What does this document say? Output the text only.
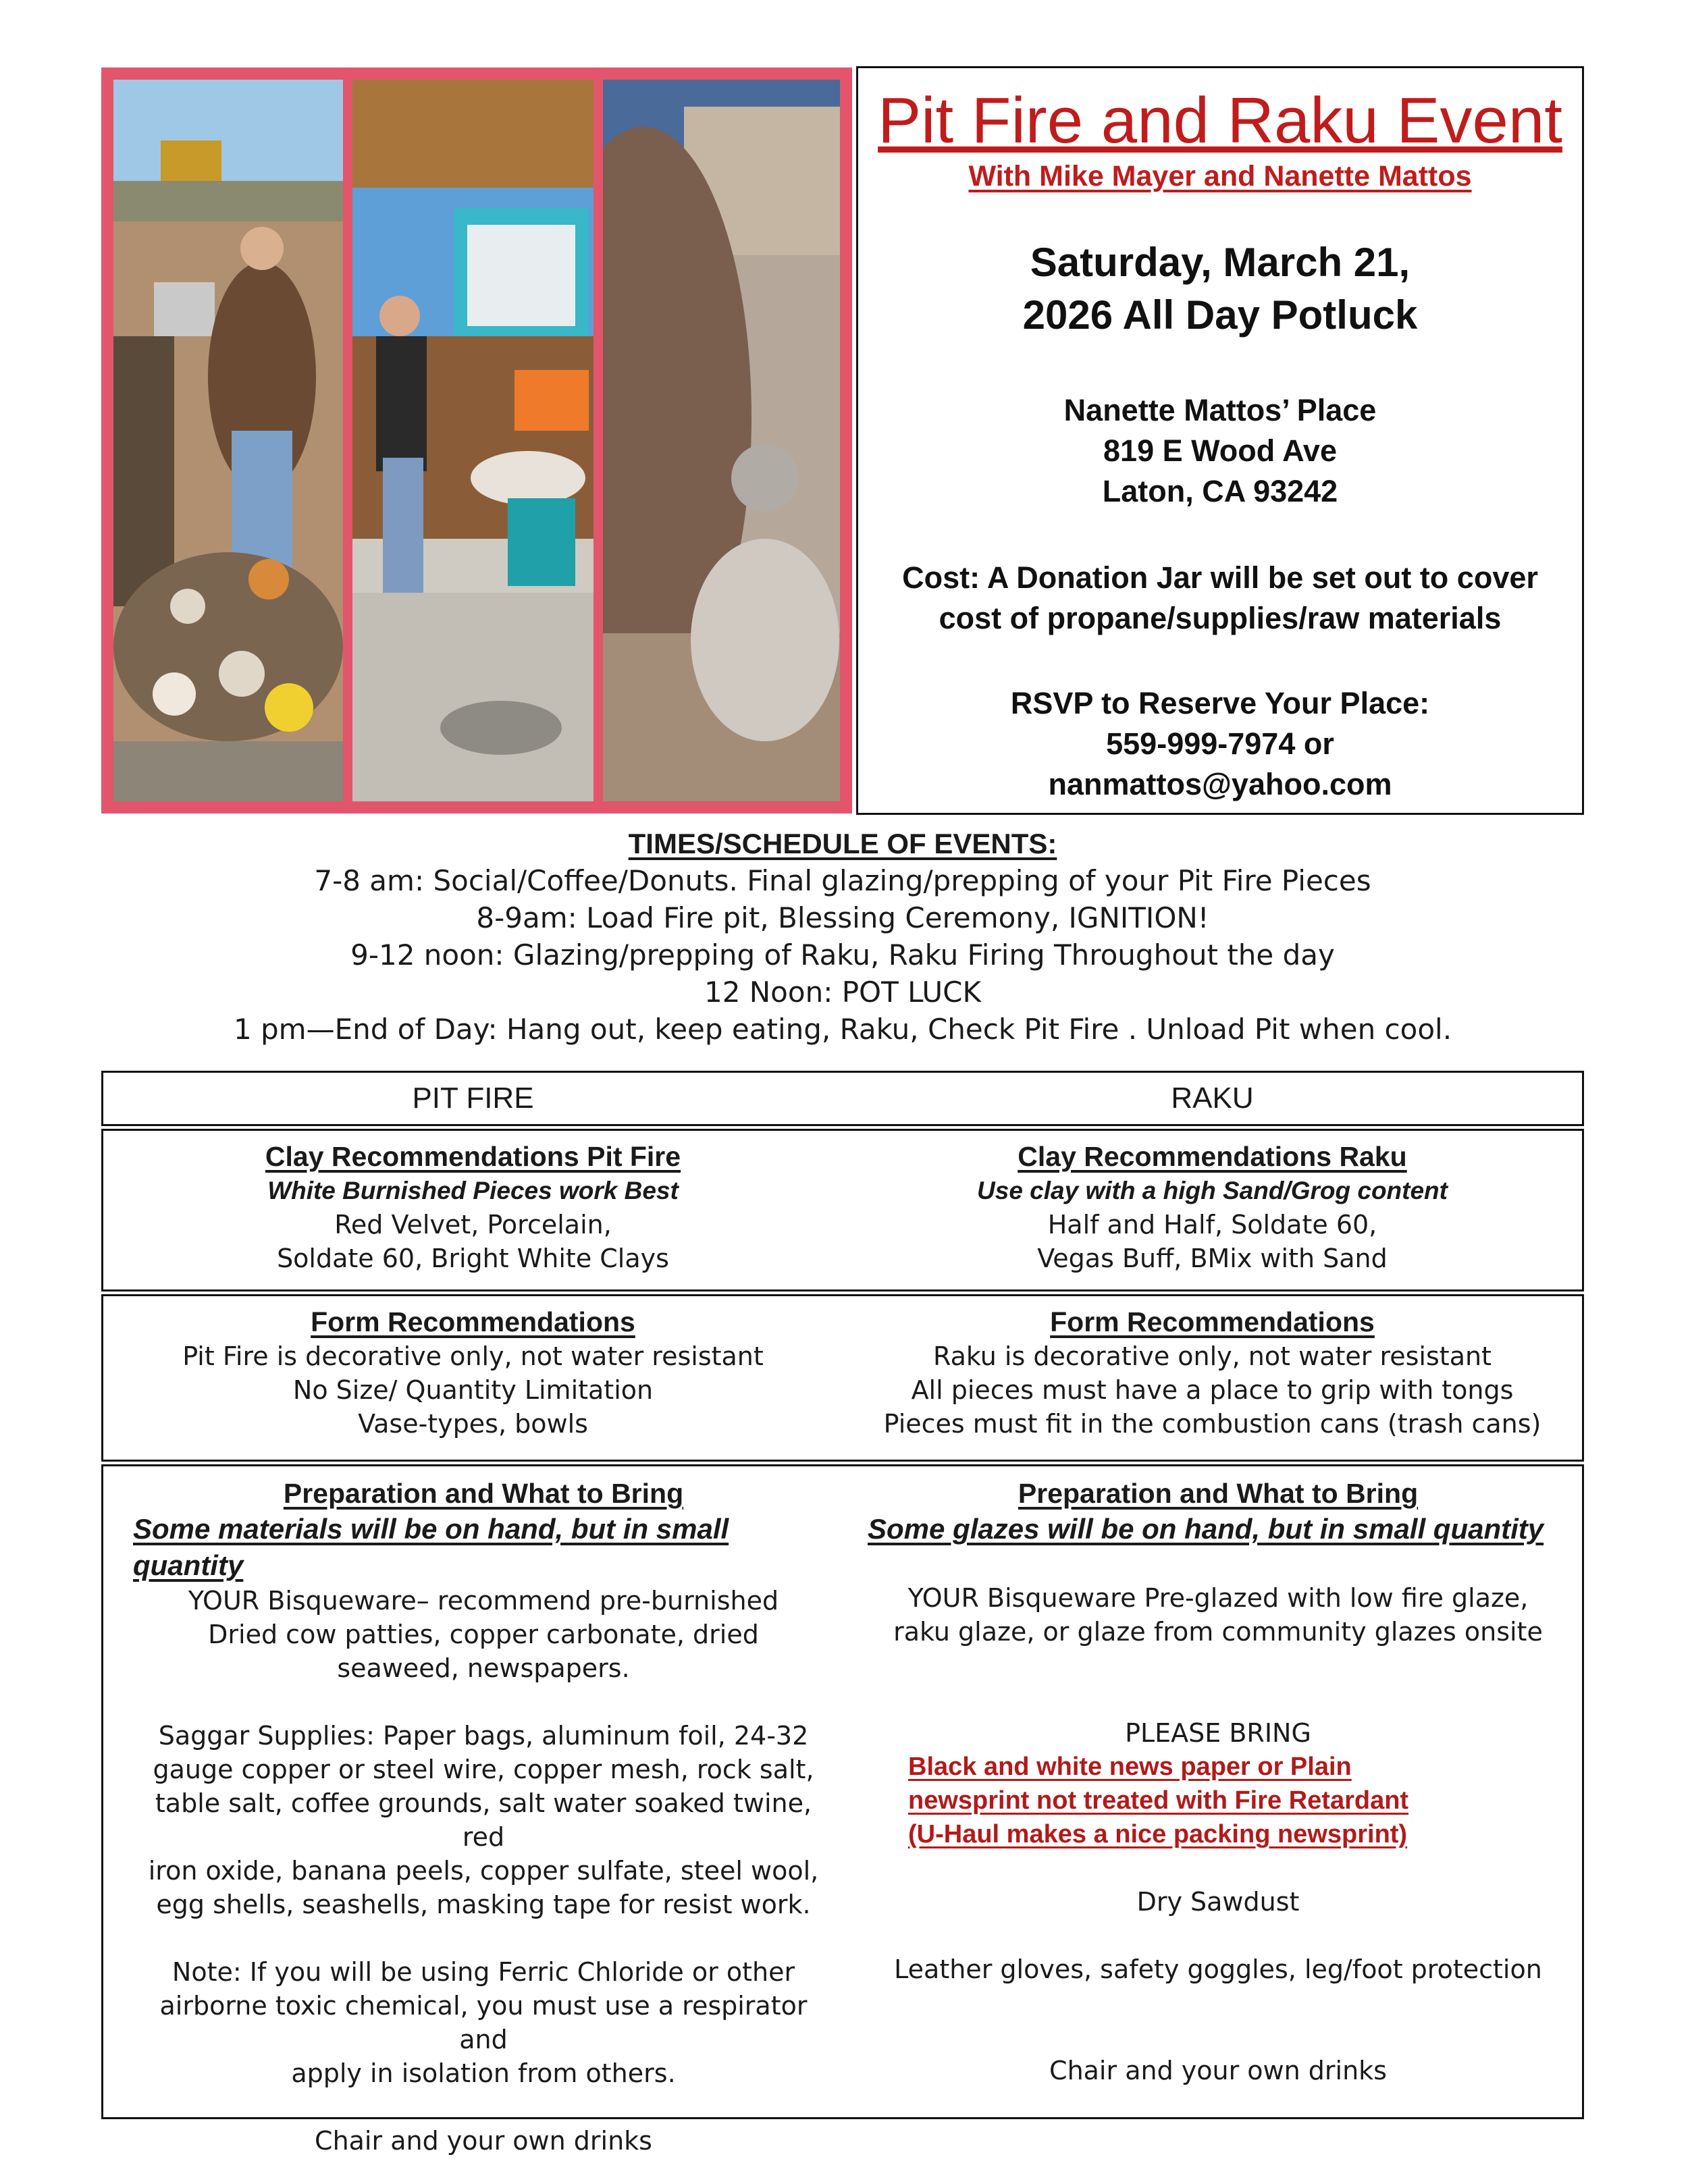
Pit Fire and Raku Event
With Mike Mayer and Nanette Mattos
Saturday, March 21,
2026 All Day Potluck
Nanette Mattos’ Place
819 E Wood Ave
Laton, CA 93242
Cost: A Donation Jar will be set out to cover
cost of propane/supplies/raw materials
RSVP to Reserve Your Place:
559-999-7974 or
nanmattos@yahoo.com
TIMES/SCHEDULE OF EVENTS:
7-8 am: Social/Coffee/Donuts. Final glazing/prepping of your Pit Fire Pieces
8-9am: Load Fire pit, Blessing Ceremony, IGNITION!
9-12 noon: Glazing/prepping of Raku, Raku Firing Throughout the day
12 Noon: POT LUCK
1 pm—End of Day: Hang out, keep eating, Raku, Check Pit Fire . Unload Pit when cool.
PIT FIRE	RAKU
Clay Recommendations Pit Fire
White Burnished Pieces work Best
Red Velvet, Porcelain,
Soldate 60, Bright White Clays
Clay Recommendations Raku
Use clay with a high Sand/Grog content
Half and Half, Soldate 60,
Vegas Buff, BMix with Sand
Form Recommendations
Pit Fire is decorative only, not water resistant
No Size/ Quantity Limitation
Vase-types, bowls
Form Recommendations
Raku is decorative only, not water resistant
All pieces must have a place to grip with tongs
Pieces must fit in the combustion cans (trash cans)
Preparation and What to Bring
Some materials will be on hand, but in small quantity
YOUR Bisqueware– recommend pre-burnished
Dried cow patties, copper carbonate, dried
seaweed, newspapers.
Saggar Supplies: Paper bags, aluminum foil, 24-32
gauge copper or steel wire, copper mesh, rock salt,
table salt, coffee grounds, salt water soaked twine, red
iron oxide, banana peels, copper sulfate, steel wool,
egg shells, seashells, masking tape for resist work.
Note: If you will be using Ferric Chloride or other
airborne toxic chemical, you must use a respirator and
apply in isolation from others.
Chair and your own drinks
Preparation and What to Bring
Some glazes will be on hand, but in small quantity
YOUR Bisqueware Pre-glazed with low fire glaze,
raku glaze, or glaze from community glazes onsite
PLEASE BRING
Black and white news paper or Plain
newsprint not treated with Fire Retardant
(U-Haul makes a nice packing newsprint)
Dry Sawdust
Leather gloves, safety goggles, leg/foot protection
Chair and your own drinks
